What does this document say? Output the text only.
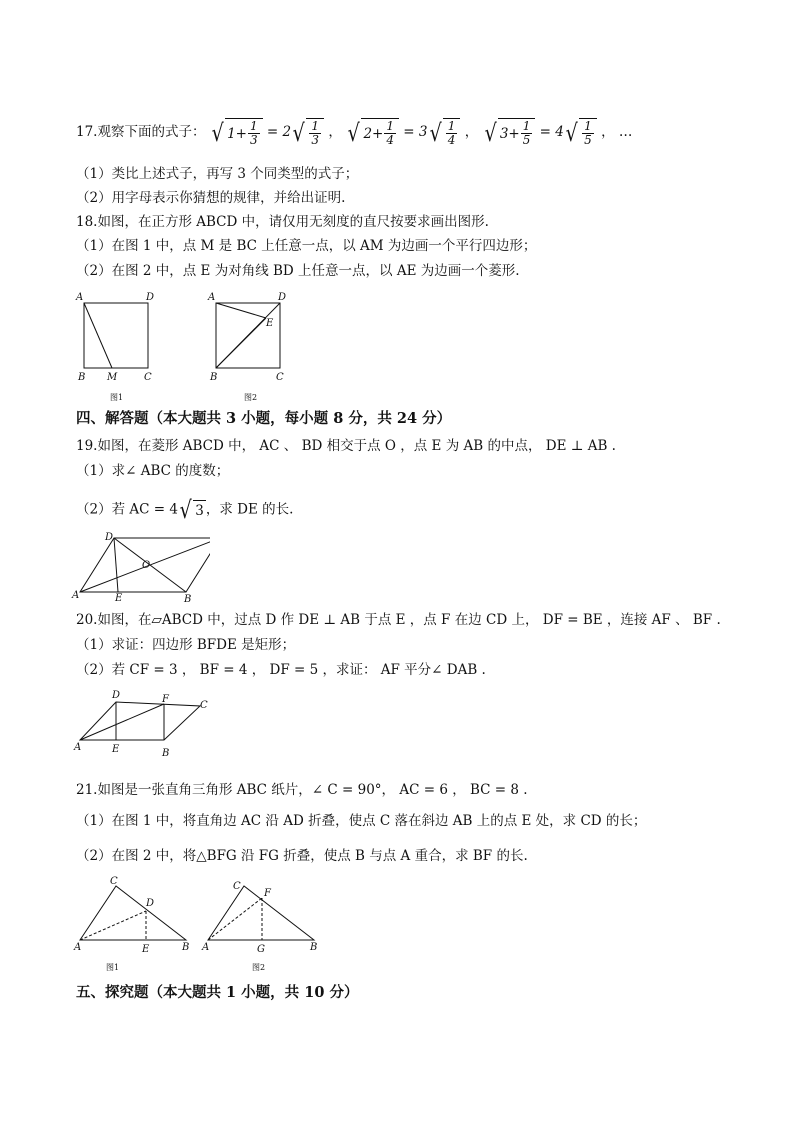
17.观察下面的式子： √ $1 + \frac{1}{3} = 2$ √ $\frac{1}{3}$ ， √ $2 + \frac{1}{4} = 3$ √ $\frac{1}{4}$ ， √ $3 + \frac{1}{5} = 4$ √ $\frac{1}{5}$ ， …
（1）类比上述式子，再写 3 个同类型的式子；
（2）用字母表示你猜想的规律，并给出证明.
18.如图，在正方形 ABCD 中，请仅用无刻度的直尺按要求画出图形.
（1）在图 1 中，点 M 是 BC 上任意一点，以 AM 为边画一个平行四边形；
（2）在图 2 中，点 E 为对角线 BD 上任意一点，以 AE 为边画一个菱形.
A	D
B M	C
图1
A	D
E
B	C
图2
四、解答题（本大题共 3 小题，每小题 8 分，共 24 分）
19.如图，在菱形 ABCD 中， AC 、 BD 相交于点 O ，点 E 为 AB 的中点， DE ⊥ AB .
（1）求∠ ABC 的度数；
（2）若 AC = 4 √ 3 ，求 DE 的长.
D
A	E	B
O
20.如图，在▱ABCD 中，过点 D 作 DE ⊥ AB 于点 E ，点 F 在边 CD 上， DF = BE ，连接 AF 、 BF .
（1）求证：四边形 BFDE 是矩形；
（2）若 CF = 3 ， BF = 4 ， DF = 5 ，求证： AF 平分∠ DAB .
D	F
C
A	E	B
21.如图是一张直角三角形 ABC 纸片，∠ C = 90°， AC = 6 ， BC = 8 .
（1）在图 1 中，将直角边 AC 沿 AD 折叠，使点 C 落在斜边 AB 上的点 E 处，求 CD 的长；
（2）在图 2 中，将△BFG 沿 FG 折叠，使点 B 与点 A 重合，求 BF 的长.
C
D
A	E	B
图1
C
F
A	G	B
图2
五、探究题（本大题共 1 小题，共 10 分）
